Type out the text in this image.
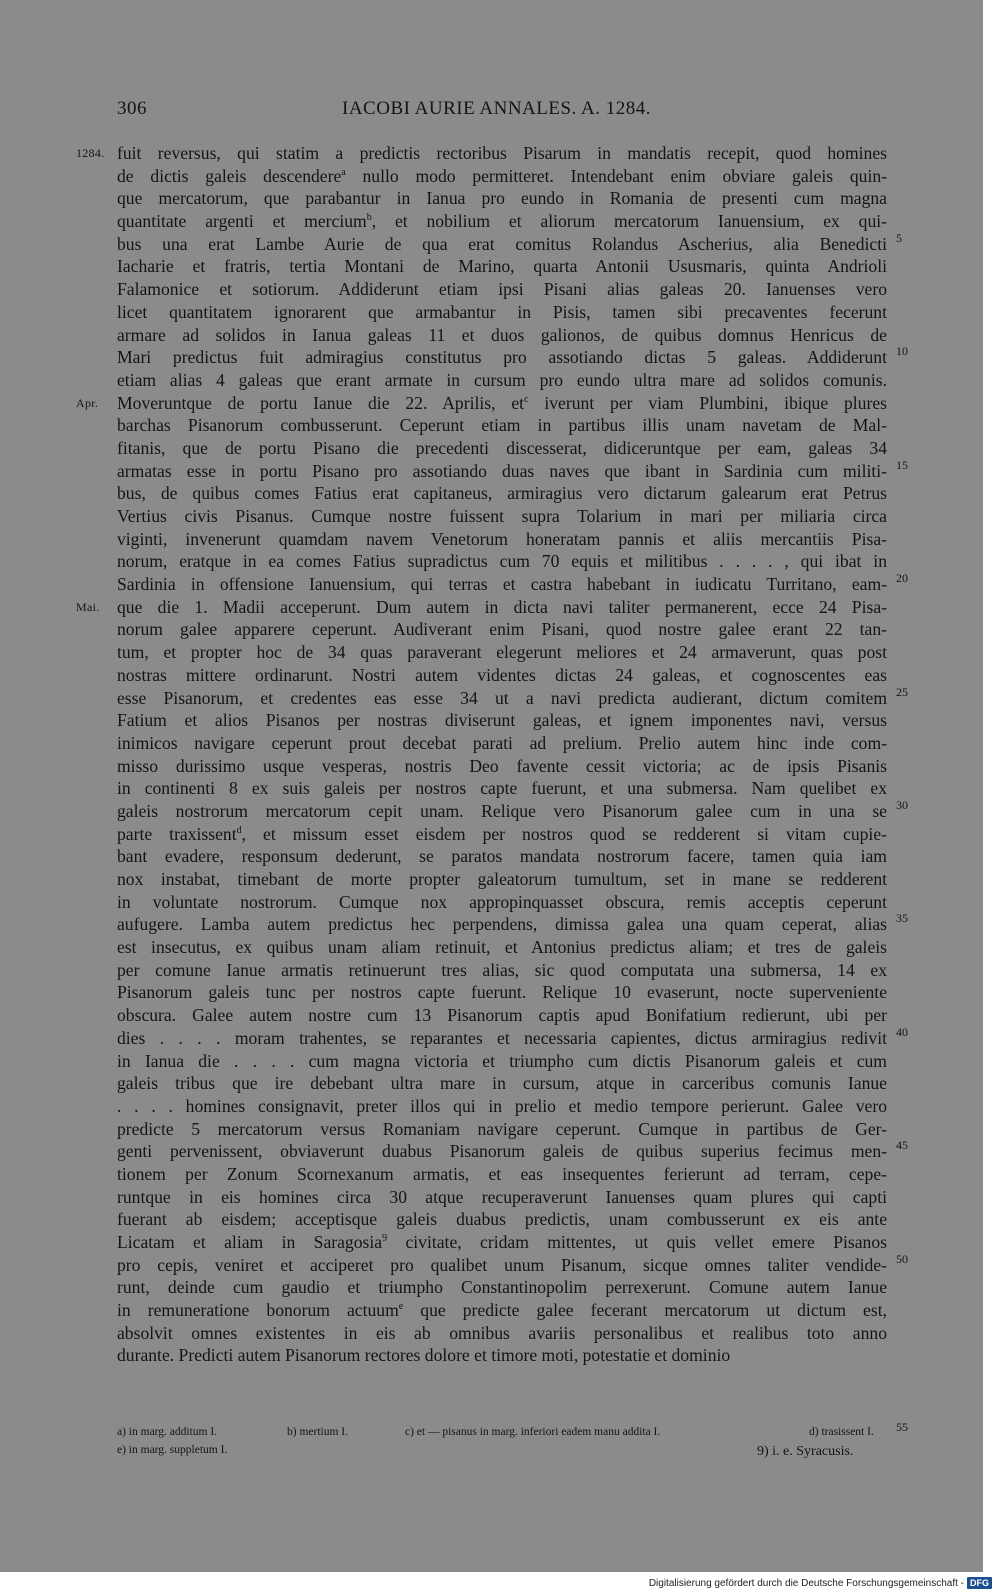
306	IACOBI AURIE ANNALES. A. 1284.
1284. fuit reversus, qui statim a predictis rectoribus Pisarum in mandatis recepit, quod homines
de dictis galeis descendere$^a$ nullo modo permitteret. Intendebant enim obviare galeis quin-
que mercatorum, que parabantur in Ianua pro eundo in Romania de presenti cum magna
quantitate argenti et mercium$^b$, et nobilium et aliorum mercatorum Ianuensium, ex qui-
bus una erat Lambe Aurie de qua erat comitus Rolandus Ascherius, alia Benedicti 5
Iacharie et fratris, tertia Montani de Marino, quarta Antonii Ususmaris, quinta Andrioli
Falamonice et sotiorum. Addiderunt etiam ipsi Pisani alias galeas 20. Ianuenses vero
licet quantitatem ignorarent que armabantur in Pisis, tamen sibi precaventes fecerunt
armare ad solidos in Ianua galeas 11 et duos galionos, de quibus domnus Henricus de
Mari predictus fuit admiragius constitutus pro assotiando dictas 5 galeas. Addiderunt 10
etiam alias 4 galeas que erant armate in cursum pro eundo ultra mare ad solidos comunis.
Apr. Moveruntque de portu Ianue die 22. Aprilis, $et^c$ iverunt per viam Plumbini, ibique plures
barchas Pisanorum combusserunt. Ceperunt etiam in partibus illis unam navetam de Mal-
fitanis, que de portu Pisano die precedenti discesserat, didiceruntque per eam, galeas 34
armatas esse in portu Pisano pro assotiando duas naves que ibant in Sardinia cum militi- 15
bus, de quibus comes Fatius erat capitaneus, armiragius vero dictarum galearum erat Petrus
Vertius civis Pisanus. Cumque nostre fuissent supra Tolarium in mari per miliaria circa
viginti, invenerunt quamdam navem Venetorum honeratam pannis et aliis mercantiis Pisa-
norum, eratque in ea comes Fatius supradictus cum 70 equis et militibus . . . . , qui ibat in
Sardinia in offensione Ianuensium, qui terras et castra habebant in iudicatu Turritano, eam- 20
Mai. que die 1. Madii acceperunt. Dum autem in dicta navi taliter permanerent, ecce 24 Pisa-
norum galee apparere ceperunt. Audiverant enim Pisani, quod nostre galee erant 22 tan-
tum, et propter hoc de 34 quas paraverant elegerunt meliores et 24 armaverunt, quas post
nostras mittere ordinarunt. Nostri autem videntes dictas 24 galeas, et cognoscentes eas
esse Pisanorum, et credentes eas esse 34 ut a navi predicta audierant, dictum comitem 25
Fatium et alios Pisanos per nostras diviserunt galeas, et ignem imponentes navi, versus
inimicos navigare ceperunt prout decebat parati ad prelium. Prelio autem hinc inde com-
misso durissimo usque vesperas, nostris Deo favente cessit victoria; ac de ipsis Pisanis
in continenti 8 ex suis galeis per nostros capte fuerunt, et una submersa. Nam quelibet ex
galeis nostrorum mercatorum cepit unam. Relique vero Pisanorum galee cum in una se 30
parte traxissent$^d$, et missum esset eisdem per nostros quod se redderent si vitam cupie-
bant evadere, responsum dederunt, se paratos mandata nostrorum facere, tamen quia iam
nox instabat, timebant de morte propter galeatorum tumultum, set in mane se redderent
in voluntate nostrorum. Cumque nox appropinquasset obscura, remis acceptis ceperunt
aufugere. Lamba autem predictus hec perpendens, dimissa galea una quam ceperat, alias 35
est insecutus, ex quibus unam aliam retinuit, et Antonius predictus aliam; et tres de galeis
per comune Ianue armatis retinuerunt tres alias, sic quod computata una submersa, 14 ex
Pisanorum galeis tunc per nostros capte fuerunt. Relique 10 evaserunt, nocte superveniente
obscura. Galee autem nostre cum 13 Pisanorum captis apud Bonifatium redierunt, ubi per
dies . . . . moram trahentes, se reparantes et necessaria capientes, dictus armiragius redivit 40
in Ianua die . . . . cum magna victoria et triumpho cum dictis Pisanorum galeis et cum
galeis tribus que ire debebant ultra mare in cursum, atque in carceribus comunis Ianue
. . . . homines consignavit, preter illos qui in prelio et medio tempore perierunt. Galee vero
predicte 5 mercatorum versus Romaniam navigare ceperunt. Cumque in partibus de Ger-
genti pervenissent, obviaverunt duabus Pisanorum galeis de quibus superius fecimus men- 45
tionem per Zonum Scornexanum armatis, et eas insequentes ferierunt ad terram, cepe-
runtque in eis homines circa 30 atque recuperaverunt Ianuenses quam plures qui capti
fuerant ab eisdem; acceptisque galeis duabus predictis, unam combusserunt ex eis ante
Licatam et aliam in Saragosia$^9$ civitate, cridam mittentes, ut quis vellet emere Pisanos
pro cepis, veniret et acciperet pro qualibet unum Pisanum, sicque omnes taliter vendide- 50
runt, deinde cum gaudio et triumpho Constantinopolim perrexerunt. Comune autem Ianue
in remuneratione bonorum actuum$^e$ que predicte galee fecerant mercatorum ut dictum est,
absolvit omnes existentes in eis ab omnibus avariis personalibus et realibus toto anno
durante. Predicti autem Pisanorum rectores dolore et timore moti, potestatie et dominio
a) in marg. additum I.	b) mertium I.	c) et — pisanus in marg. inferiori eadem manu addita I.	d) trasissent I. 55
e) in marg. suppletum I.	9) i. e. Syracusis.
Digitalisierung gefördert durch die Deutsche Forschungsgemeinschaft - DFG
